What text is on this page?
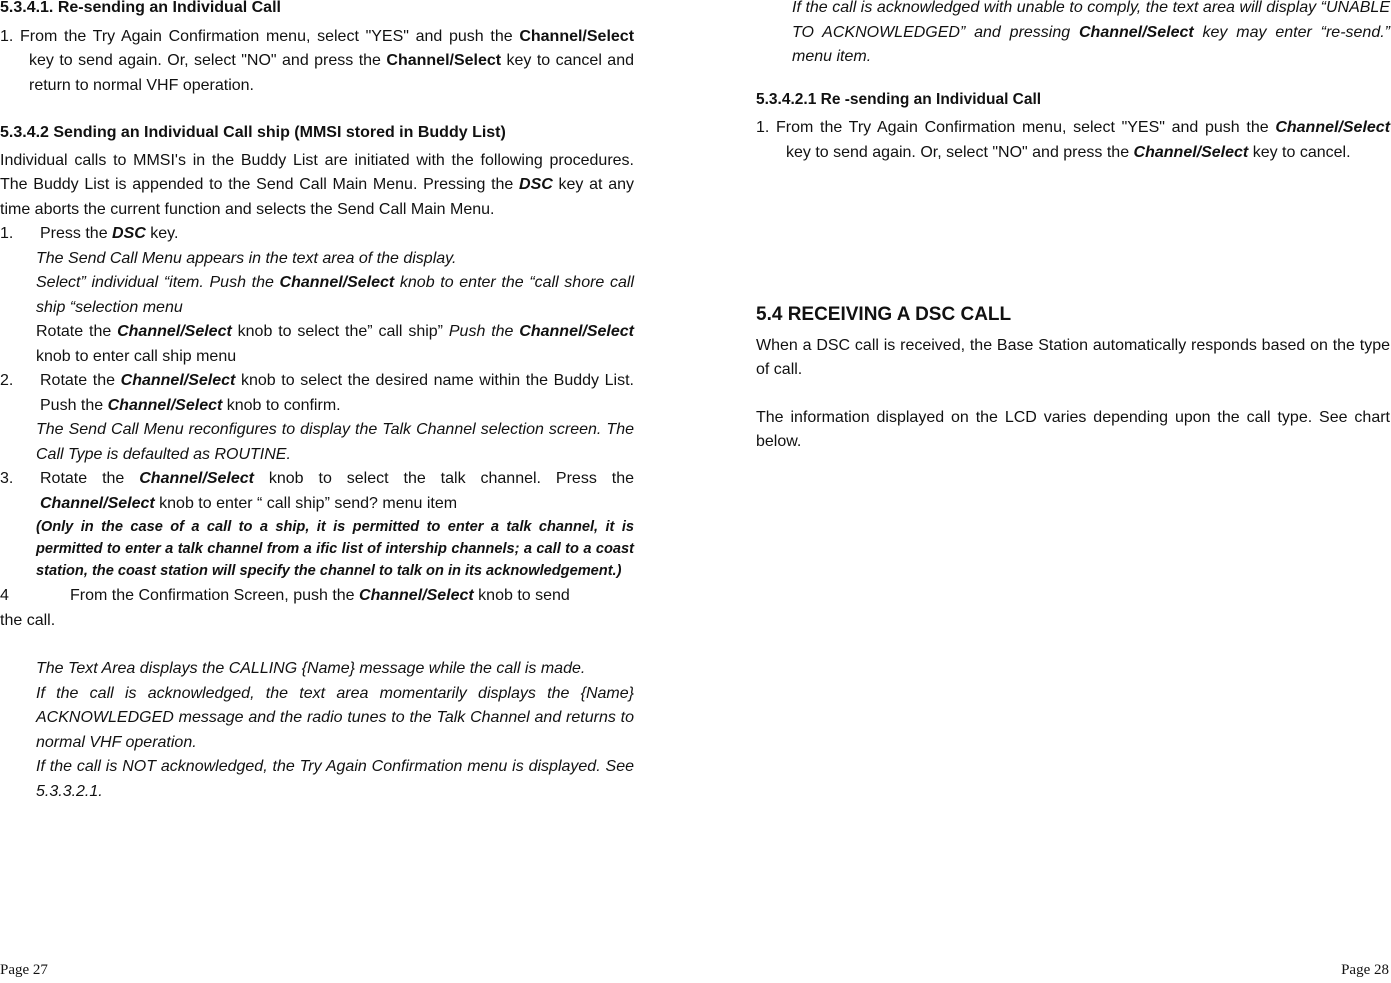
5.3.4.1. Re-sending an Individual Call

1. From the Try Again Confirmation menu, select "YES" and push the Channel/Select key to send again. Or, select "NO" and press the Channel/Select key to cancel and return to normal VHF operation.

5.3.4.2 Sending an Individual Call ship (MMSI stored in Buddy List)

Individual calls to MMSI's in the Buddy List are initiated with the following procedures. The Buddy List is appended to the Send Call Main Menu. Pressing the DSC key at any time aborts the current function and selects the Send Call Main Menu.

1.	Press the DSC key.

The Send Call Menu appears in the text area of the display.

Select” individual “item. Push the Channel/Select knob to enter the “call shore call ship “selection menu

Rotate the Channel/Select knob to select the” call ship” Push the Channel/Select knob to enter call ship menu

2.	Rotate the Channel/Select knob to select the desired name within the Buddy List. Push the Channel/Select knob to confirm.

The Send Call Menu reconfigures to display the Talk Channel selection screen. The Call Type is defaulted as ROUTINE.

3.	Rotate the Channel/Select knob to select the talk channel. Press the Channel/Select knob to enter “ call ship” send? menu item

(Only in the case of a call to a ship, it is permitted to enter a talk channel, it is permitted to enter a talk channel from a ific list of intership channels; a call to a coast station, the coast station will specify the channel to talk on in its acknowledgement.)

4	From the Confirmation Screen, push the Channel/Select knob to send

the call.

The Text Area displays the CALLING {Name} message while the call is made.

If the call is acknowledged, the text area momentarily displays the {Name} ACKNOWLEDGED message and the radio tunes to the Talk Channel and returns to normal VHF operation.

If the call is NOT acknowledged, the Try Again Confirmation menu is displayed. See 5.3.3.2.1.

If the call is acknowledged with unable to comply, the text area will display “UNABLE TO ACKNOWLEDGED” and pressing Channel/Select key may enter “re-send.” menu item.

5.3.4.2.1 Re -sending an Individual Call

1. From the Try Again Confirmation menu, select "YES" and push the Channel/Select key to send again. Or, select "NO" and press the Channel/Select key to cancel.

5.4 RECEIVING A DSC CALL

When a DSC call is received, the Base Station automatically responds based on the type of call.

The information displayed on the LCD varies depending upon the call type. See chart below.

Page 27	Page 28
